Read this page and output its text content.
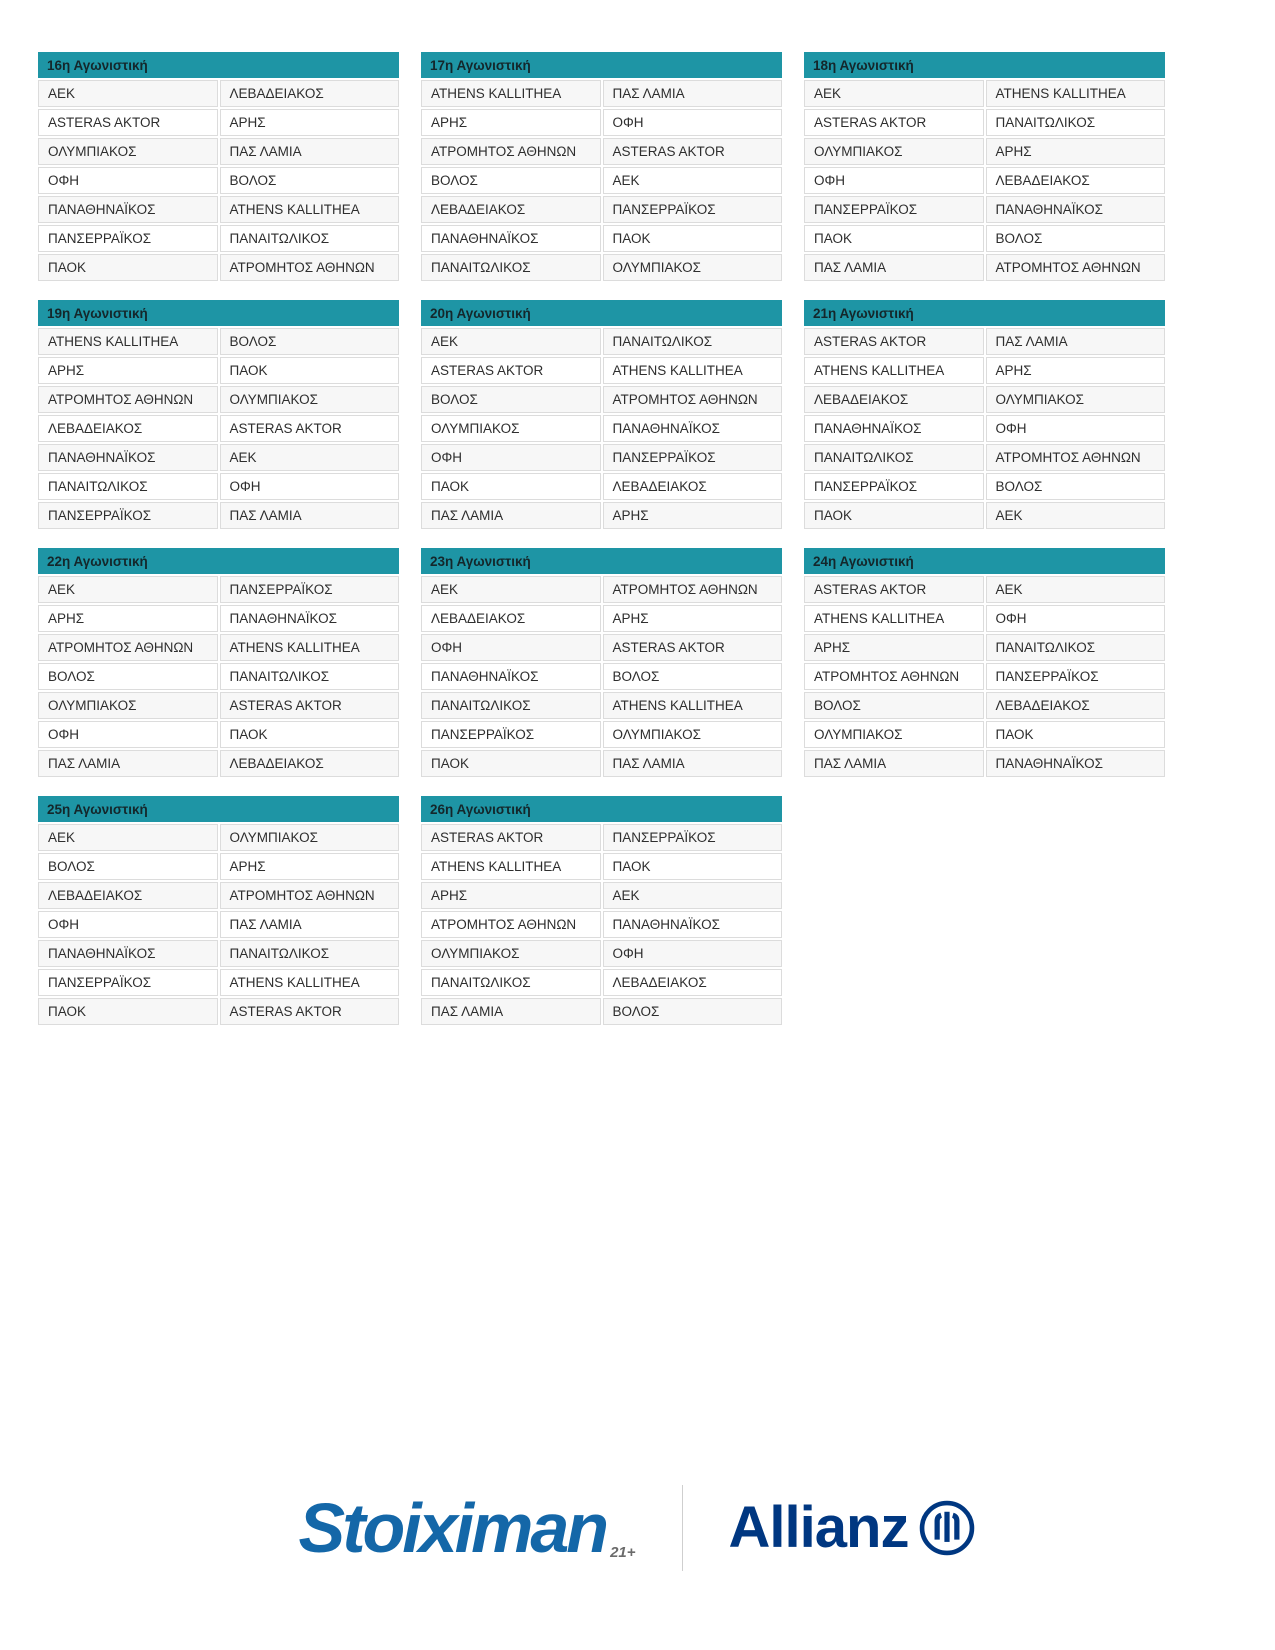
16η Αγωνιστική	
ΑΕΚ	ΛΕΒΑΔΕΙΑΚΟΣ
ASTERAS AKTOR	ΑΡΗΣ
ΟΛΥΜΠΙΑΚΟΣ	ΠΑΣ ΛΑΜΙΑ
ΟΦΗ	ΒΟΛΟΣ
ΠΑΝΑΘΗΝΑΪΚΟΣ	ATHENS KALLITHEA
ΠΑΝΣΕΡΡΑΪΚΟΣ	ΠΑΝΑΙΤΩΛΙΚΟΣ
ΠΑΟΚ	ΑΤΡΟΜΗΤΟΣ ΑΘΗΝΩΝ
17η Αγωνιστική	
ATHENS KALLITHEA	ΠΑΣ ΛΑΜΙΑ
ΑΡΗΣ	ΟΦΗ
ΑΤΡΟΜΗΤΟΣ ΑΘΗΝΩΝ	ASTERAS AKTOR
ΒΟΛΟΣ	ΑΕΚ
ΛΕΒΑΔΕΙΑΚΟΣ	ΠΑΝΣΕΡΡΑΪΚΟΣ
ΠΑΝΑΘΗΝΑΪΚΟΣ	ΠΑΟΚ
ΠΑΝΑΙΤΩΛΙΚΟΣ	ΟΛΥΜΠΙΑΚΟΣ
18η Αγωνιστική	
ΑΕΚ	ATHENS KALLITHEA
ASTERAS AKTOR	ΠΑΝΑΙΤΩΛΙΚΟΣ
ΟΛΥΜΠΙΑΚΟΣ	ΑΡΗΣ
ΟΦΗ	ΛΕΒΑΔΕΙΑΚΟΣ
ΠΑΝΣΕΡΡΑΪΚΟΣ	ΠΑΝΑΘΗΝΑΪΚΟΣ
ΠΑΟΚ	ΒΟΛΟΣ
ΠΑΣ ΛΑΜΙΑ	ΑΤΡΟΜΗΤΟΣ ΑΘΗΝΩΝ
19η Αγωνιστική	
ATHENS KALLITHEA	ΒΟΛΟΣ
ΑΡΗΣ	ΠΑΟΚ
ΑΤΡΟΜΗΤΟΣ ΑΘΗΝΩΝ	ΟΛΥΜΠΙΑΚΟΣ
ΛΕΒΑΔΕΙΑΚΟΣ	ASTERAS AKTOR
ΠΑΝΑΘΗΝΑΪΚΟΣ	ΑΕΚ
ΠΑΝΑΙΤΩΛΙΚΟΣ	ΟΦΗ
ΠΑΝΣΕΡΡΑΪΚΟΣ	ΠΑΣ ΛΑΜΙΑ
20η Αγωνιστική	
ΑΕΚ	ΠΑΝΑΙΤΩΛΙΚΟΣ
ASTERAS AKTOR	ATHENS KALLITHEA
ΒΟΛΟΣ	ΑΤΡΟΜΗΤΟΣ ΑΘΗΝΩΝ
ΟΛΥΜΠΙΑΚΟΣ	ΠΑΝΑΘΗΝΑΪΚΟΣ
ΟΦΗ	ΠΑΝΣΕΡΡΑΪΚΟΣ
ΠΑΟΚ	ΛΕΒΑΔΕΙΑΚΟΣ
ΠΑΣ ΛΑΜΙΑ	ΑΡΗΣ
21η Αγωνιστική	
ASTERAS AKTOR	ΠΑΣ ΛΑΜΙΑ
ATHENS KALLITHEA	ΑΡΗΣ
ΛΕΒΑΔΕΙΑΚΟΣ	ΟΛΥΜΠΙΑΚΟΣ
ΠΑΝΑΘΗΝΑΪΚΟΣ	ΟΦΗ
ΠΑΝΑΙΤΩΛΙΚΟΣ	ΑΤΡΟΜΗΤΟΣ ΑΘΗΝΩΝ
ΠΑΝΣΕΡΡΑΪΚΟΣ	ΒΟΛΟΣ
ΠΑΟΚ	ΑΕΚ
22η Αγωνιστική	
ΑΕΚ	ΠΑΝΣΕΡΡΑΪΚΟΣ
ΑΡΗΣ	ΠΑΝΑΘΗΝΑΪΚΟΣ
ΑΤΡΟΜΗΤΟΣ ΑΘΗΝΩΝ	ATHENS KALLITHEA
ΒΟΛΟΣ	ΠΑΝΑΙΤΩΛΙΚΟΣ
ΟΛΥΜΠΙΑΚΟΣ	ASTERAS AKTOR
ΟΦΗ	ΠΑΟΚ
ΠΑΣ ΛΑΜΙΑ	ΛΕΒΑΔΕΙΑΚΟΣ
23η Αγωνιστική	
ΑΕΚ	ΑΤΡΟΜΗΤΟΣ ΑΘΗΝΩΝ
ΛΕΒΑΔΕΙΑΚΟΣ	ΑΡΗΣ
ΟΦΗ	ASTERAS AKTOR
ΠΑΝΑΘΗΝΑΪΚΟΣ	ΒΟΛΟΣ
ΠΑΝΑΙΤΩΛΙΚΟΣ	ATHENS KALLITHEA
ΠΑΝΣΕΡΡΑΪΚΟΣ	ΟΛΥΜΠΙΑΚΟΣ
ΠΑΟΚ	ΠΑΣ ΛΑΜΙΑ
24η Αγωνιστική	
ASTERAS AKTOR	ΑΕΚ
ATHENS KALLITHEA	ΟΦΗ
ΑΡΗΣ	ΠΑΝΑΙΤΩΛΙΚΟΣ
ΑΤΡΟΜΗΤΟΣ ΑΘΗΝΩΝ	ΠΑΝΣΕΡΡΑΪΚΟΣ
ΒΟΛΟΣ	ΛΕΒΑΔΕΙΑΚΟΣ
ΟΛΥΜΠΙΑΚΟΣ	ΠΑΟΚ
ΠΑΣ ΛΑΜΙΑ	ΠΑΝΑΘΗΝΑΪΚΟΣ
25η Αγωνιστική	
ΑΕΚ	ΟΛΥΜΠΙΑΚΟΣ
ΒΟΛΟΣ	ΑΡΗΣ
ΛΕΒΑΔΕΙΑΚΟΣ	ΑΤΡΟΜΗΤΟΣ ΑΘΗΝΩΝ
ΟΦΗ	ΠΑΣ ΛΑΜΙΑ
ΠΑΝΑΘΗΝΑΪΚΟΣ	ΠΑΝΑΙΤΩΛΙΚΟΣ
ΠΑΝΣΕΡΡΑΪΚΟΣ	ATHENS KALLITHEA
ΠΑΟΚ	ASTERAS AKTOR
26η Αγωνιστική	
ASTERAS AKTOR	ΠΑΝΣΕΡΡΑΪΚΟΣ
ATHENS KALLITHEA	ΠΑΟΚ
ΑΡΗΣ	ΑΕΚ
ΑΤΡΟΜΗΤΟΣ ΑΘΗΝΩΝ	ΠΑΝΑΘΗΝΑΪΚΟΣ
ΟΛΥΜΠΙΑΚΟΣ	ΟΦΗ
ΠΑΝΑΙΤΩΛΙΚΟΣ	ΛΕΒΑΔΕΙΑΚΟΣ
ΠΑΣ ΛΑΜΙΑ	ΒΟΛΟΣ
Stoiximan 21+ Allianz
